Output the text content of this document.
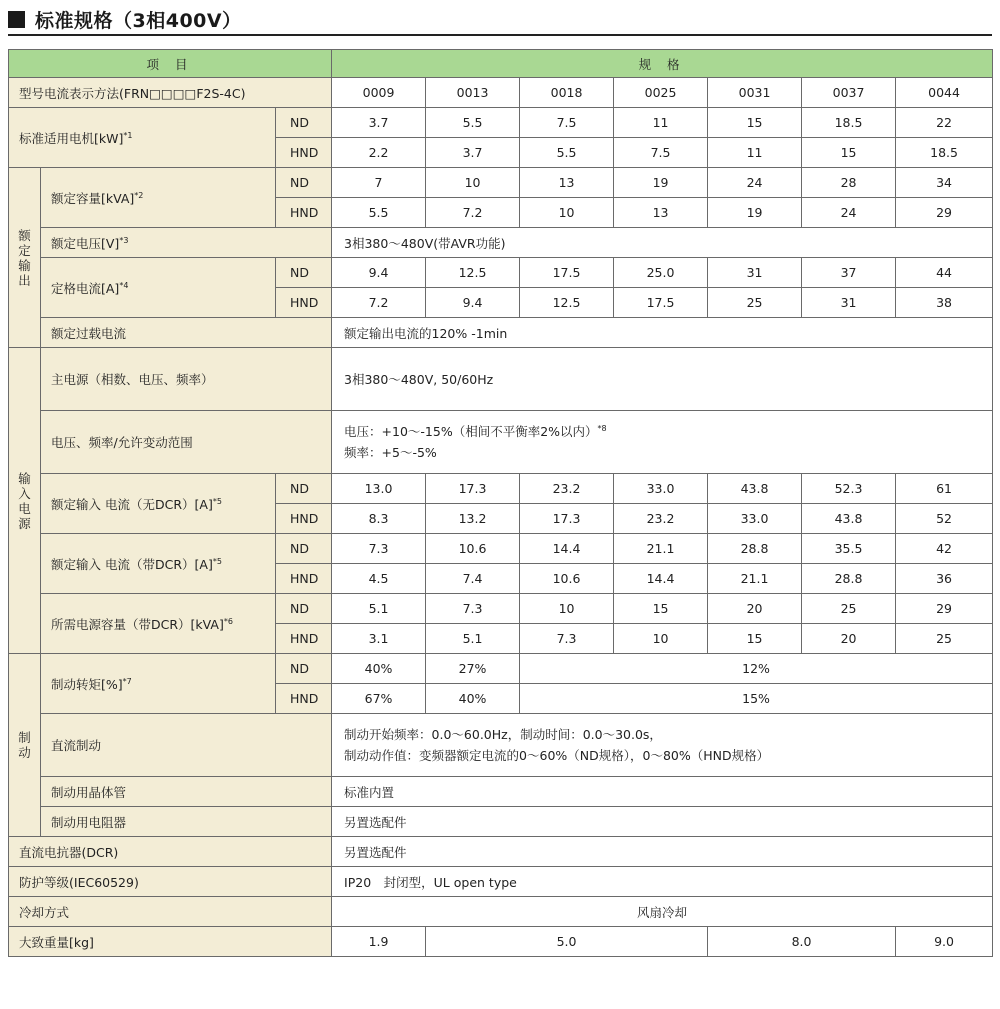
标准规格（3相400V）
项 目			规 格						
型号电流表示方法(FRN□□□□F2S-4C)			0009	0013	0018	0025	0031	0037	0044
标准适用电机[kW]$^{*1}$		ND	3.7	5.5	7.5	11	15	18.5	22
		HND	2.2	3.7	5.5	7.5	11	15	18.5

额定输出	额定容量[kVA]$^{*2}$	ND	7	10	13	19	24	28	34
		HND	5.5	7.2	10	13	19	24	29
	额定电压$[V]^{*3}$		3相380～480V(带AVR功能)						
	定格电流$[A]^{*4}$	ND	9.4	12.5	17.5	25.0	31	37	44
		HND	7.2	9.4	12.5	17.5	25	31	38
	额定过载电流		额定输出电流的120% -1min						

输入电源	主电源（相数、电压、频率）		3相380～480V, 50/60Hz						
	电压、频率/允许变动范围		电压：+10～-15%（相间不平衡率2%以内）$^{*8}$
频率：+5～-5%						

	额定输入 电流（无$DCR)[A]^{*5}$	ND	13.0	17.3	23.2	33.0	43.8	52.3	61
		HND	8.3	13.2	17.3	23.2	33.0	43.8	52
	额定输入 电流（带$DCR)[A]^{*5}$	ND	7.3	10.6	14.4	21.1	28.8	35.5	42
		HND	4.5	7.4	10.6	14.4	21.1	28.8	36
	所需电源容量（带DCR）[kVA]$^{*6}$	ND	5.1	7.3	10	15	20	25	29
		HND	3.1	5.1	7.3	10	15	20	25

制动	制动转矩[%]$^{*7}$	ND	40%	27%	12%				
		HND	67%	40%	15%				
	直流制动		制动开始频率：0.0～60.0Hz，制动时间：0.0～30.0s，
制动动作值：变频器额定电流的0～60%（ND规格），0～80%（HND规格）						

	制动用晶体管		标准内置						
	制动用电阻器		另置选配件						
直流电抗器(DCR)			另置选配件						
防护等级(IEC60529)			IP20　封闭型，UL open type						
冷却方式			风扇冷却						
大致重量[kg]			1.9	5.0			8.0		9.0
